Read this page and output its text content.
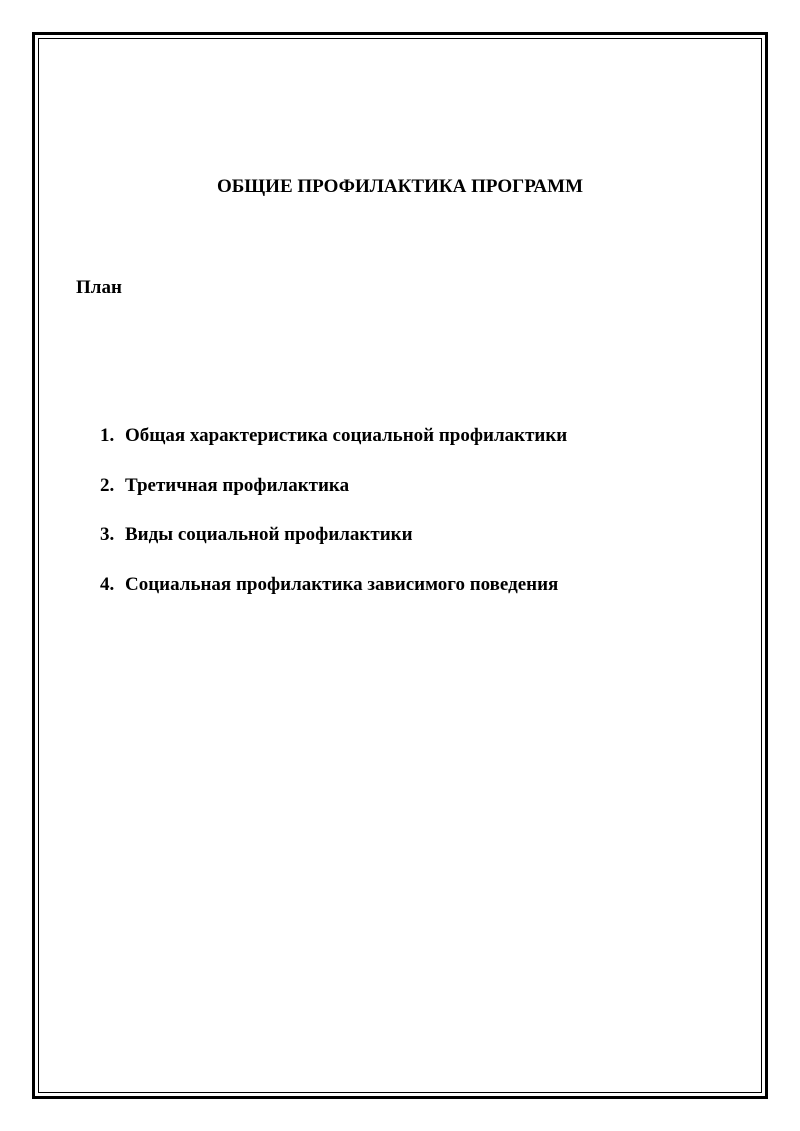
ОБЩИЕ ПРОФИЛАКТИКА ПРОГРАММ
План
1. Общая характеристика социальной профилактики
2. Третичная профилактика
3. Виды социальной профилактики
4. Социальная профилактика зависимого поведения
